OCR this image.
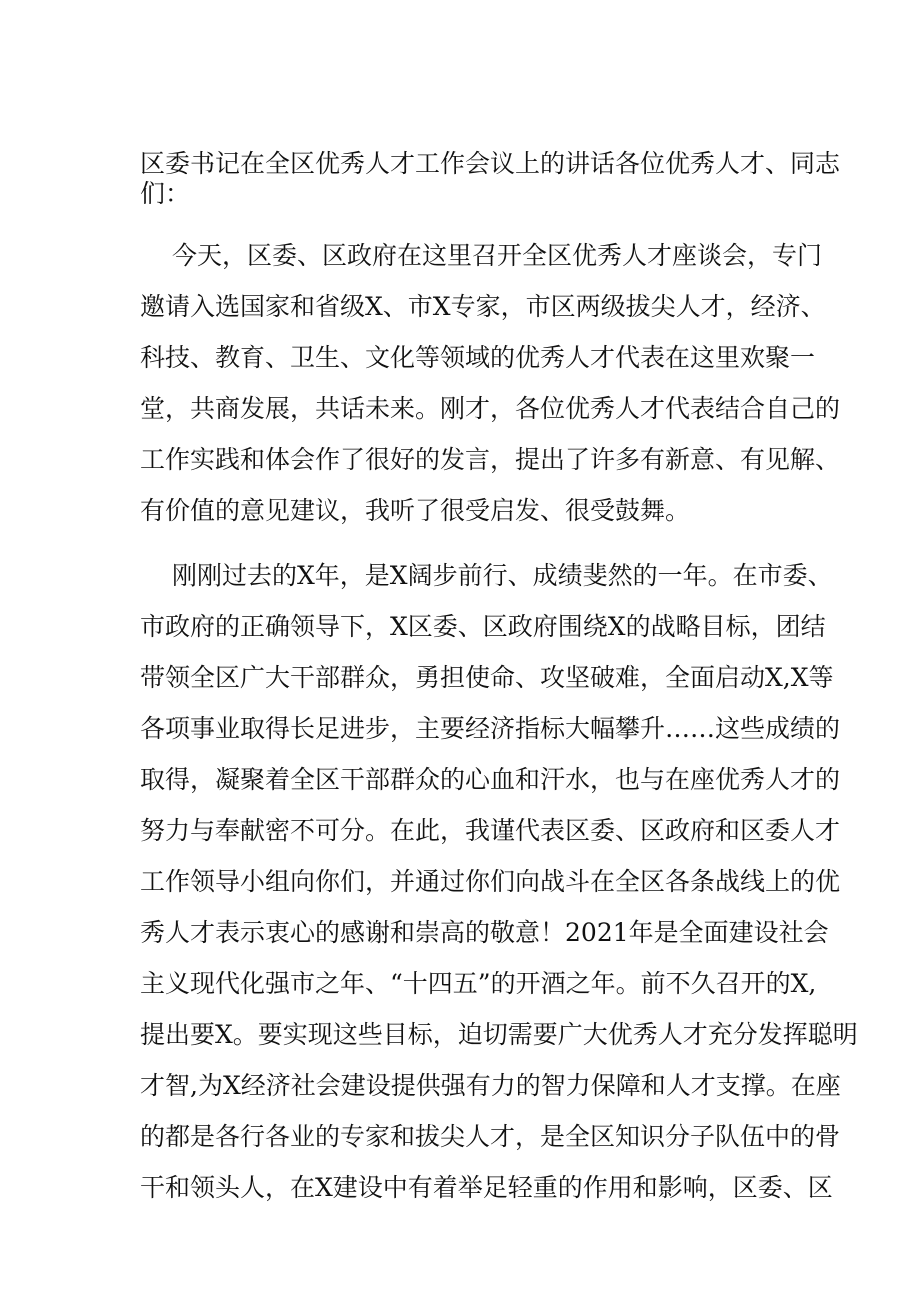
区委书记在全区优秀人才工作会议上的讲话各位优秀人才、同志
们：
今天，区委、区政府在这里召开全区优秀人才座谈会，专门
邀请入选国家和省级X、市X专家，市区两级拔尖人才，经济、
科技、教育、卫生、文化等领域的优秀人才代表在这里欢聚一
堂，共商发展，共话未来。刚才，各位优秀人才代表结合自己的
工作实践和体会作了很好的发言，提出了许多有新意、有见解、
有价值的意见建议，我听了很受启发、很受鼓舞。
刚刚过去的X年，是X阔步前行、成绩斐然的一年。在市委、
市政府的正确领导下，X区委、区政府围绕X的战略目标，团结
带领全区广大干部群众，勇担使命、攻坚破难，全面启动X,X等
各项事业取得长足进步，主要经济指标大幅攀升……这些成绩的
取得，凝聚着全区干部群众的心血和汗水，也与在座优秀人才的
努力与奉献密不可分。在此，我谨代表区委、区政府和区委人才
工作领导小组向你们，并通过你们向战斗在全区各条战线上的优
秀人才表示衷心的感谢和崇高的敬意！2021年是全面建设社会
主义现代化强市之年、“十四五”的开酒之年。前不久召开的X,
提出要X。要实现这些目标，迫切需要广大优秀人才充分发挥聪明
才智,为X经济社会建设提供强有力的智力保障和人才支撑。在座
的都是各行各业的专家和拔尖人才，是全区知识分子队伍中的骨
干和领头人，在X建设中有着举足轻重的作用和影响，区委、区
